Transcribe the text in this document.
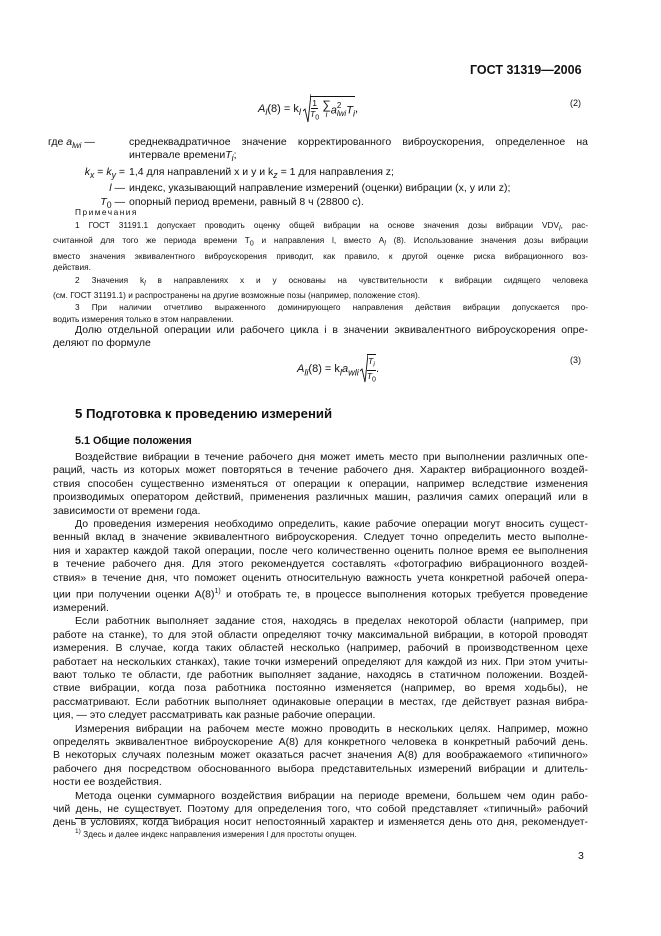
ГОСТ 31319—2006
$A_l(8) = k_l \frac{1}{T_0}$
∑
i a 2
lwi $T_i$,	(2)
где $a_{lwi}$ —	среднеквадратичное значение корректированного виброускорения, определенное на
интервале времениT$_i$;

$k_x = k_y$ =	1,4 для направлений x и y и $k_z = 1$ для направления z;
l —	индекс, указывающий направление измерений (оценки) вибрации (x, y или z);
$T_0$ —	опорный период времени, равный 8 ч (28800 с).
Примечания
1 ГОСТ 31191.1 допускает проводить оценку общей вибрации на основе значения дозы вибрации $VDV_l$, рас-
считанной для того же периода времени $T_0$ и направления l, вместо $A_l$ (8). Использование значения дозы вибрации
вместо значения эквивалентного виброускорения приводит, как правило, к другой оценке риска вибрационного воз-
действия.
2 Значения $k_l$ в направлениях x и y основаны на чувствительности к вибрации сидящего человека
(см. ГОСТ 31191.1) и распространены на другие возможные позы (например, положение стоя).
3 При наличии отчетливо выраженного доминирующего направления действия вибрации допускается про-
водить измерения только в этом направлении.
Долю отдельной операции или рабочего цикла i в значении эквивалентного виброускорения опре-
деляют по формуле
$A_{li}(8) = k_la_{wli} \frac{T_i}{T_0}$ .
(3)
5 Подготовка к проведению измерений
5.1 Общие положения
Воздействие вибрации в течение рабочего дня может иметь место при выполнении различных опе-
раций, часть из которых может повторяться в течение рабочего дня. Характер вибрационного воздей-
ствия способен существенно изменяться от операции к операции, например вследствие изменения
производимых оператором действий, применения различных машин, различия самих операций или в
зависимости от времени года.
До проведения измерения необходимо определить, какие рабочие операции могут вносить сущест-
венный вклад в значение эквивалентного виброускорения. Следует точно определить место выполне-
ния и характер каждой такой операции, после чего количественно оценить полное время ее выполнения
в течение рабочего дня. Для этого рекомендуется составлять «фотографию вибрационного воздей-
ствия» в течение дня, что поможет оценить относительную важность учета конкретной рабочей опера-
ции при получении оценки $A(8)^{1)}$ и отобрать те, в процессе выполнения которых требуется проведение
измерений.
Если работник выполняет задание стоя, находясь в пределах некоторой области (например, при
работе на станке), то для этой области определяют точку максимальной вибрации, в которой проводят
измерения. В случае, когда таких областей несколько (например, рабочий в производственном цехе
работает на нескольких станках), такие точки измерений определяют для каждой из них. При этом учиты-
вают только те области, где работник выполняет задание, находясь в статичном положении. Воздей-
ствие вибрации, когда поза работника постоянно изменяется (например, во время ходьбы), не
рассматривают. Если работник выполняет одинаковые операции в местах, где действует разная вибра-
ция, — это следует рассматривать как разные рабочие операции.
Измерения вибрации на рабочем месте можно проводить в нескольких целях. Например, можно
определять эквивалентное виброускорение A(8) для конкретного человека в конкретный рабочий день.
В некоторых случаях полезным может оказаться расчет значения A(8) для воображаемого «типичного»
рабочего дня посредством обоснованного выбора представительных измерений вибрации и длитель-
ности ее воздействия.
Метода оценки суммарного воздействия вибрации на периоде времени, большем чем один рабо-
чий день, не существует. Поэтому для определения того, что собой представляет «типичный» рабочий
день в условиях, когда вибрация носит непостоянный характер и изменяется день ото дня, рекомендует-
$^{1)}$ Здесь и далее индекс направления измерения l для простоты опущен.
3
